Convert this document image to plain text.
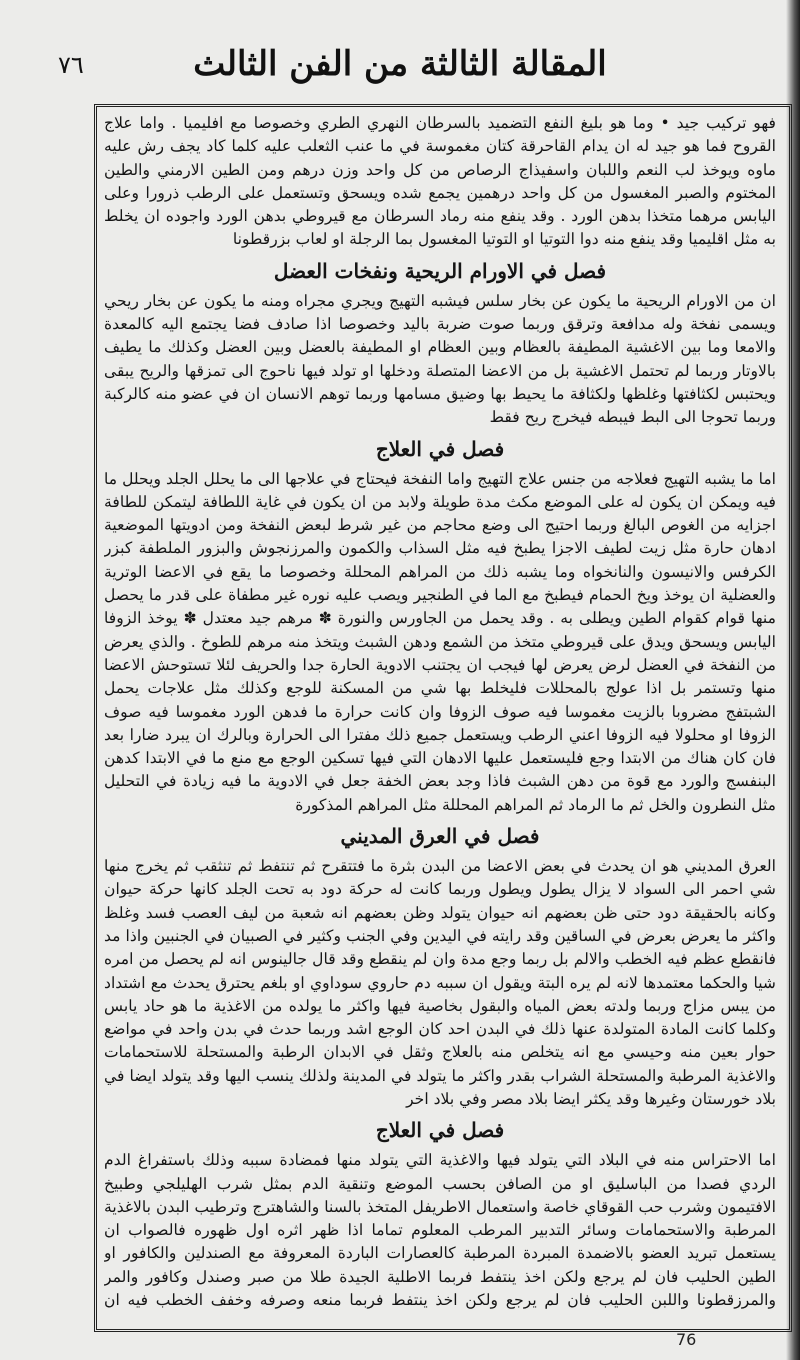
المقالة الثالثة من الفن الثالث
٧٦

فهو تركيب جيد • وما هو بليغ النفع التضميد بالسرطان النهري الطري وخصوصا مع افليميا . واما علاج القروح فما هو جيد له ان يدام القاحرقة كتان مغموسة في ما عنب الثعلب عليه كلما كاد يجف رش عليه ماوه ويوخذ لب النعم واللبان واسفيذاج الرصاص من كل واحد وزن درهم ومن الطين الارمني والطين المختوم والصبر المغسول من كل واحد درهمين يجمع شده ويسحق وتستعمل على الرطب ذرورا وعلى اليابس مرهما متخذا بدهن الورد . وقد ينفع منه رماد السرطان مع قيروطي بدهن الورد واجوده ان يخلط به مثل اقليميا وقد ينفع منه دوا التوتيا او التوتيا المغسول بما الرجلة او لعاب بزرقطونا

فصل في الاورام الريحية ونفخات العضل

ان من الاورام الريحية ما يكون عن بخار سلس فيشبه التهيج ويجري مجراه ومنه ما يكون عن بخار ريحي ويسمى نفخة وله مدافعة وترقق وربما صوت ضربة باليد وخصوصا اذا صادف فضا يجتمع اليه كالمعدة والامعا وما بين الاغشية المطيفة بالعظام وبين العظام او المطيفة بالعضل وبين العضل وكذلك ما يطيف بالاوتار وربما لم تحتمل الاغشية بل من الاعضا المتصلة ودخلها او تولد فيها ناحوج الى تمزقها والريح يبقى ويحتبس لكثافتها وغلظها ولكثافة ما يحيط بها وضيق مسامها وربما توهم الانسان ان في عضو منه كالركبة وربما تحوجا الى البط فيبطه فيخرج ريح فقط

فصل في العلاج

اما ما يشبه التهيج فعلاجه من جنس علاج التهيج واما النفخة فيحتاج في علاجها الى ما يحلل الجلد ويحلل ما فيه ويمكن ان يكون له على الموضع مكث مدة طويلة ولابد من ان يكون في غاية اللطافة ليتمكن للطافة اجزايه من الغوص البالغ وربما احتيج الى وضع محاجم من غير شرط لبعض النفخة ومن ادويتها الموضعية ادهان حارة مثل زيت لطيف الاجزا يطبخ فيه مثل السذاب والكمون والمرزنجوش والبزور الملطفة كبزر الكرفس والانيسون والنانخواه وما يشبه ذلك من المراهم المحللة وخصوصا ما يقع في الاعضا الوترية والعضلية ان يوخذ ويخ الحمام فيطبخ مع الما في الطنجير ويصب عليه نوره غير مطفاة على قدر ما يحصل منها قوام كقوام الطين ويطلى به . وقد يحمل من الجاورس والنورة ✽ مرهم جيد معتدل ✽ يوخذ الزوفا اليابس ويسحق ويدق على قيروطي متخذ من الشمع ودهن الشبث ويتخذ منه مرهم للطوخ . والذي يعرض من النفخة في العضل لرض يعرض لها فيجب ان يجتنب الادوية الحارة جدا والحريف لئلا تستوحش الاعضا منها وتستمر بل اذا عولج بالمحللات فليخلط بها شي من المسكنة للوجع وكذلك مثل علاجات يحمل الشبتفج مضروبا بالزيت مغموسا فيه صوف الزوفا وان كانت حرارة ما فدهن الورد مغموسا فيه صوف الزوفا او محلولا فيه الزوفا اعني الرطب ويستعمل جميع ذلك مفترا الى الحرارة وبالرك ان يبرد ضارا بعد فان كان هناك من الابتدا وجع فليستعمل عليها الادهان التي فيها تسكين الوجع مع منع ما في الابتدا كدهن البنفسج والورد مع قوة من دهن الشبث فاذا وجد بعض الخفة جعل في الادوية ما فيه زيادة في التحليل مثل النطرون والخل ثم ما الرماد ثم المراهم المحللة مثل المراهم المذكورة

فصل في العرق المديني

العرق المديني هو ان يحدث في بعض الاعضا من البدن بثرة ما فتتقرح ثم تنتفط ثم تنثقب ثم يخرج منها شي احمر الى السواد لا يزال يطول ويطول وربما كانت له حركة دود به تحت الجلد كانها حركة حيوان وكانه بالحقيقة دود حتى ظن بعضهم انه حيوان يتولد وظن بعضهم انه شعبة من ليف العصب فسد وغلظ واكثر ما يعرض بعرض في الساقين وقد رايته في اليدين وفي الجنب وكثير في الصبيان في الجنبين واذا مد فانقطع عظم فيه الخطب والالم بل ربما وجع مدة وان لم ينقطع وقد قال جالينوس انه لم يحصل من امره شيا والحكما معتمدها لانه لم يره البتة ويقول ان سببه دم حاروي سوداوي او بلغم يحترق يحدث مع اشتداد من يبس مزاج وربما ولدته بعض المياه والبقول بخاصية فيها واكثر ما يولده من الاغذية ما هو حاد يابس وكلما كانت المادة المتولدة عنها ذلك في البدن احد كان الوجع اشد وربما حدث في بدن واحد في مواضع حوار بعين منه وحيسي مع انه يتخلص منه بالعلاج وثقل في الابدان الرطبة والمستحلة للاستحمامات والاغذية المرطبة والمستحلة الشراب بقدر واكثر ما يتولد في المدينة ولذلك ينسب اليها وقد يتولد ايضا في بلاد خورستان وغيرها وقد يكثر ايضا بلاد مصر وفي بلاد اخر

فصل في العلاج

اما الاحتراس منه في البلاد التي يتولد فيها والاغذية التي يتولد منها فمضادة سببه وذلك باستفراغ الدم الردي فصدا من الباسليق او من الصافن بحسب الموضع وتنقية الدم بمثل شرب الهليلجي وطبيخ الافتيمون وشرب حب القوقاي خاصة واستعمال الاطريفل المتخذ بالسنا والشاهترج وترطيب البدن بالاغذية المرطبة والاستحمامات وسائر التدبير المرطب المعلوم تماما اذا ظهر اثره اول ظهوره فالصواب ان يستعمل تبريد العضو بالاضمدة المبردة المرطبة كالعصارات الباردة المعروفة مع الصندلين والكافور او الطين الحليب فان لم يرجع ولكن اخذ ينتفط فربما الاطلية الجيدة طلا من صبر وصندل وكافور والمر والمرزقطونا واللبن الحليب فان لم يرجع ولكن اخذ ينتفط فربما منعه وصرفه وخفف الخطب فيه ان

76
